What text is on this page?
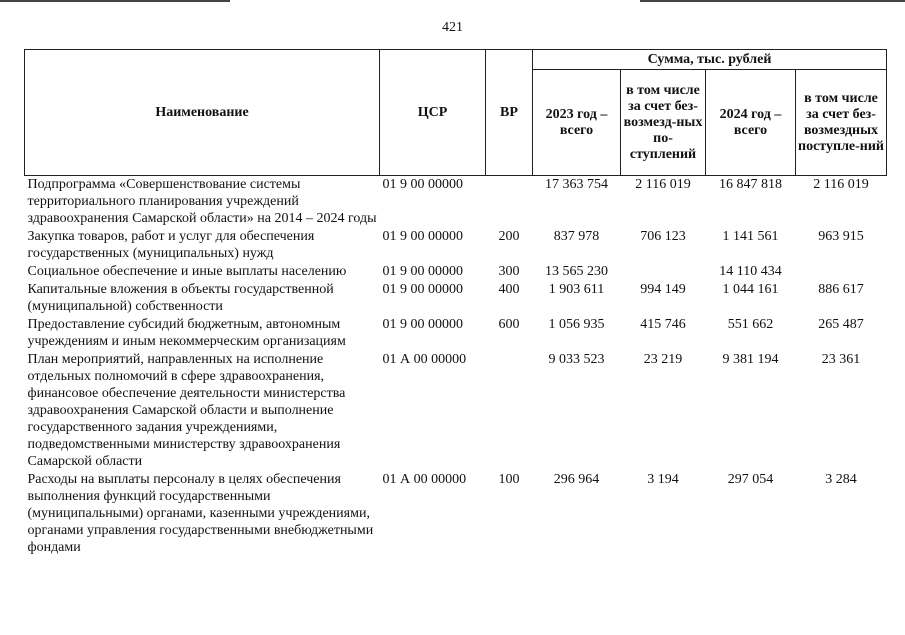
421
Наименование	ЦСР	ВР	Сумма, тыс. рублей			
			2023 год – всего	в том числе за счет без-возмезд-ных по-ступлений	2024 год – всего	в том числе за счет без-возмездных поступле-ний
Подпрограмма «Совершенствование системы территориального планирования учреждений здравоохранения Самарской области» на 2014 – 2024 годы	01 9 00 00000		17 363 754	2 116 019	16 847 818	2 116 019
Закупка товаров, работ и услуг для обеспечения государственных (муниципальных) нужд	01 9 00 00000	200	837 978	706 123	1 141 561	963 915
Социальное обеспечение и иные выплаты населению	01 9 00 00000	300	13 565 230		14 110 434	
Капитальные вложения в объекты государственной (муниципальной) собственности	01 9 00 00000	400	1 903 611	994 149	1 044 161	886 617
Предоставление субсидий бюджетным, автономным учреждениям и иным некоммерческим организациям	01 9 00 00000	600	1 056 935	415 746	551 662	265 487
План мероприятий, направленных на исполнение отдельных полномочий в сфере здравоохранения, финансовое обеспечение деятельности министерства здравоохранения Самарской области и выполнение государственного задания учреждениями, подведомственными министерству здравоохранения Самарской области	01 А 00 00000		9 033 523	23 219	9 381 194	23 361
Расходы на выплаты персоналу в целях обеспечения выполнения функций государственными (муниципальными) органами, казенными учреждениями, органами управления государственными внебюджетными фондами	01 А 00 00000	100	296 964	3 194	297 054	3 284
